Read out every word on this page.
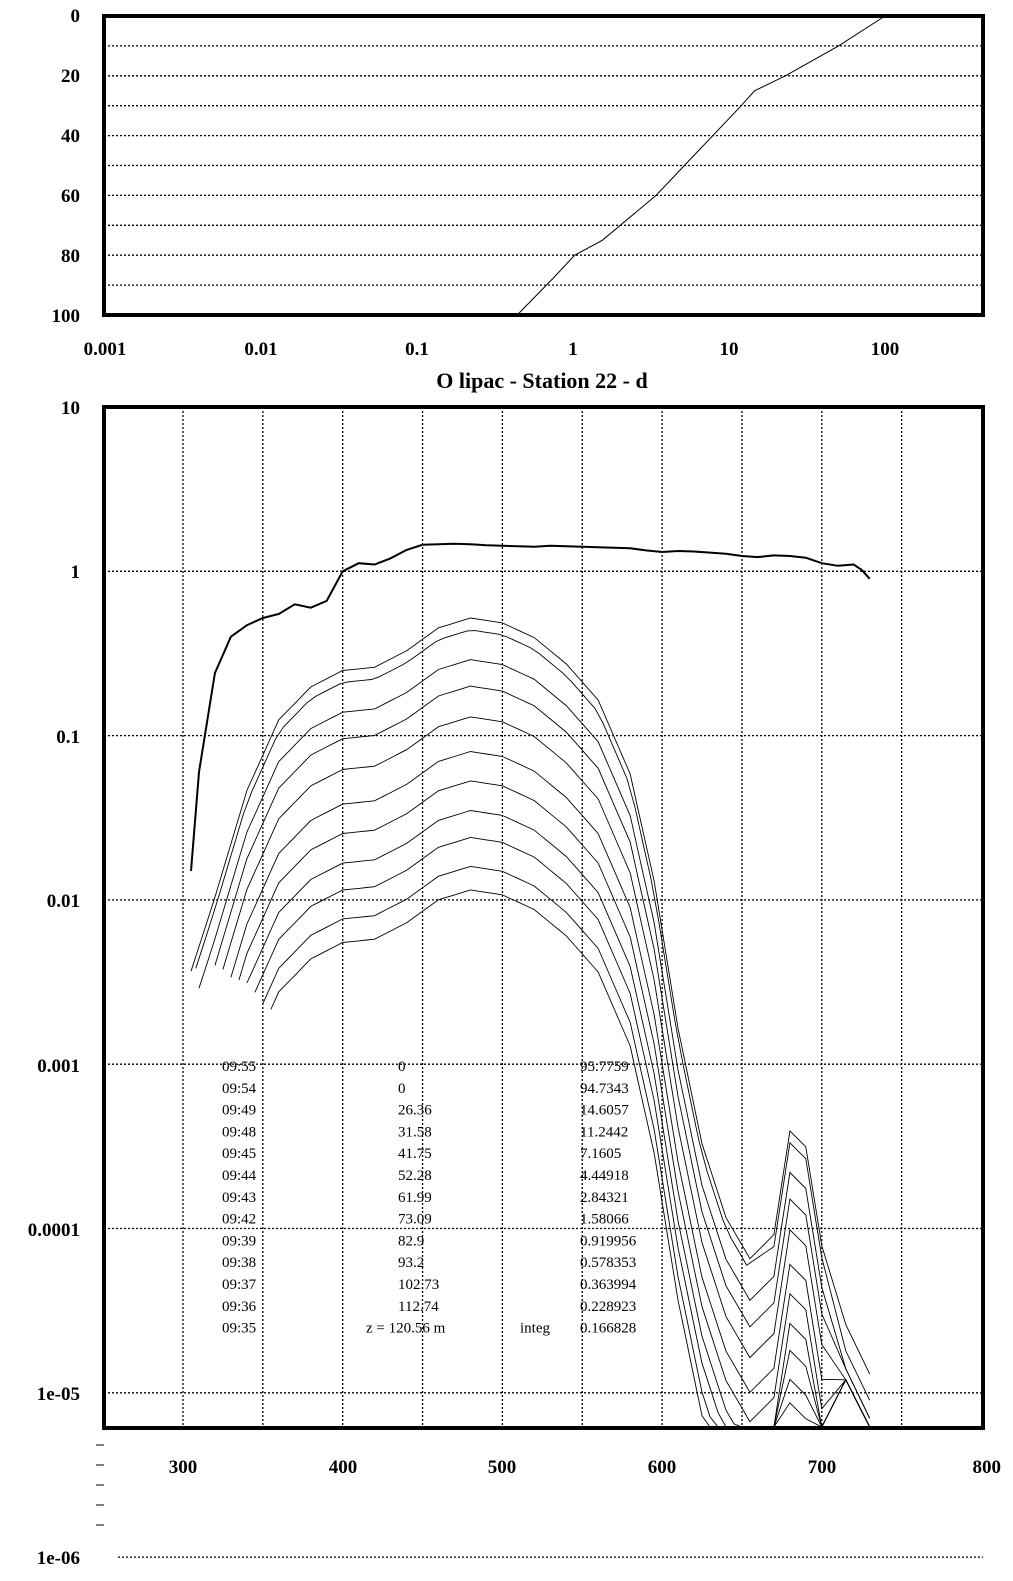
0.001	0.01	0.1	1	10	100
0
20
40
60
80
100
O lipac - Station 22 - d
09:55	0	95.7759
09:54	0	94.7343
09:49	26.36	14.6057
09:48	31.58	11.2442
09:45	41.75	7.1605
09:44	52.28	4.44918
09:43	61.99	2.84321
09:42	73.09	1.58066
09:39	82.9	0.919956
09:38	93.2	0.578353
09:37	102.73	0.363994
09:36	112.74	0.228923
09:35	z = 120.56 m	integ 0.166828
300	400	500	600	700	800
10
1
0.1
0.01
0.001
0.0001
1e-05
1e-06
